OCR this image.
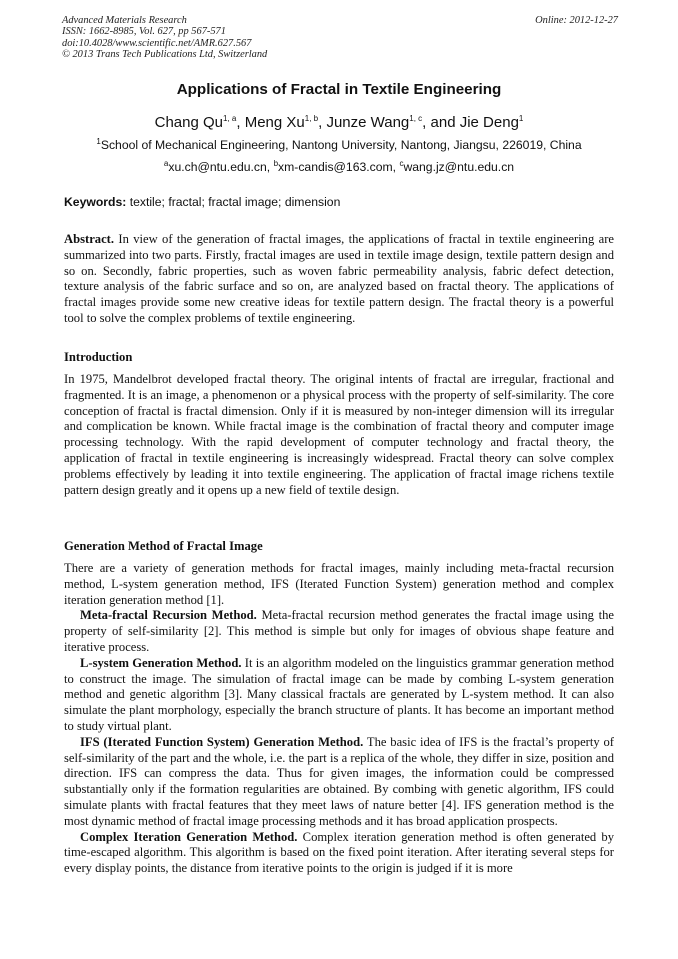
Advanced Materials Research
ISSN: 1662-8985, Vol. 627, pp 567-571
doi:10.4028/www.scientific.net/AMR.627.567
© 2013 Trans Tech Publications Ltd, Switzerland
Online: 2012-12-27
Applications of Fractal in Textile Engineering
Chang Qu$^{1, a}$, Meng Xu$^{1, b}$, Junze Wang$^{1, c}$, and Jie Deng$^1$
$^1$School of Mechanical Engineering, Nantong University, Nantong, Jiangsu, 226019, China
$^a$xu.ch@ntu.edu.cn, $^b$xm-candis@163.com, $^c$wang.jz@ntu.edu.cn
Keywords: textile; fractal; fractal image; dimension

Abstract. In view of the generation of fractal images, the applications of fractal in textile engineering are summarized into two parts. Firstly, fractal images are used in textile image design, textile pattern design and so on. Secondly, fabric properties, such as woven fabric permeability analysis, fabric defect detection, texture analysis of the fabric surface and so on, are analyzed based on fractal theory. The applications of fractal images provide some new creative ideas for textile pattern design. The fractal theory is a powerful tool to solve the complex problems of textile engineering.

Introduction

In 1975, Mandelbrot developed fractal theory. The original intents of fractal are irregular, fractional and fragmented. It is an image, a phenomenon or a physical process with the property of self-similarity. The core conception of fractal is fractal dimension. Only if it is measured by non-integer dimension will its irregular and complication be known. While fractal image is the combination of fractal theory and computer image processing technology. With the rapid development of computer technology and fractal theory, the application of fractal in textile engineering is increasingly widespread. Fractal theory can solve complex problems effectively by leading it into textile engineering. The application of fractal image richens textile pattern design greatly and it opens up a new field of textile design.

Generation Method of Fractal Image

There are a variety of generation methods for fractal images, mainly including meta-fractal recursion method, L-system generation method, IFS (Iterated Function System) generation method and complex iteration generation method [1].

Meta-fractal Recursion Method. Meta-fractal recursion method generates the fractal image using the property of self-similarity [2]. This method is simple but only for images of obvious shape feature and iterative process.

L-system Generation Method. It is an algorithm modeled on the linguistics grammar generation method to construct the image. The simulation of fractal image can be made by combing L-system generation method and genetic algorithm [3]. Many classical fractals are generated by L-system method. It can also simulate the plant morphology, especially the branch structure of plants. It has become an important method to study virtual plant.

IFS (Iterated Function System) Generation Method. The basic idea of IFS is the fractal’s property of self-similarity of the part and the whole, i.e. the part is a replica of the whole, they differ in size, position and direction. IFS can compress the data. Thus for given images, the information could be compressed substantially only if the formation regularities are obtained. By combing with genetic algorithm, IFS could simulate plants with fractal features that they meet laws of nature better [4]. IFS generation method is the most dynamic method of fractal image processing methods and it has broad application prospects.

Complex Iteration Generation Method. Complex iteration generation method is often generated by time-escaped algorithm. This algorithm is based on the fixed point iteration. After iterating several steps for every display points, the distance from iterative points to the origin is judged if it is more
